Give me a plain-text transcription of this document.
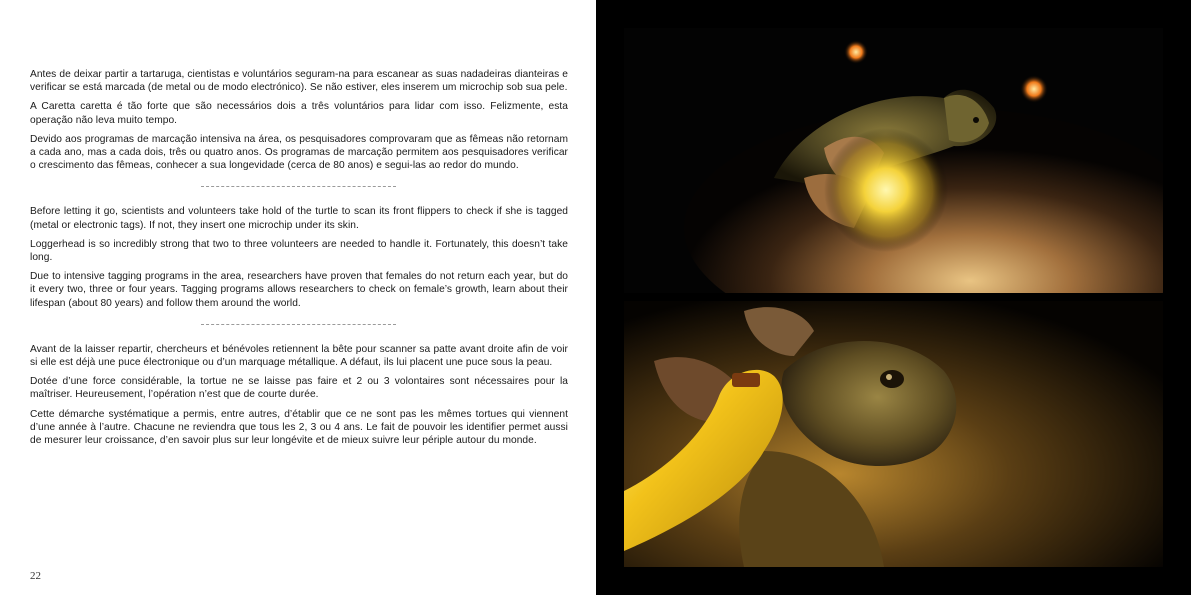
Antes de deixar partir a tartaruga, cientistas e voluntários seguram-na para escanear as suas nadadeiras dianteiras e verificar se está marcada (de metal ou de modo electrónico). Se não estiver, eles inserem um microchip sob sua pele.

A Caretta caretta é tão forte que são necessários dois a três voluntários para lidar com isso. Felizmente, esta operação não leva muito tempo.

Devido aos programas de marcação intensiva na área, os pesquisadores comprovaram que as fêmeas não retornam a cada ano, mas a cada dois, três ou quatro anos. Os programas de marcação permitem aos pesquisadores verificar o crescimento das fêmeas, conhecer a sua longevidade (cerca de 80 anos) e segui-las ao redor do mundo.

Before letting it go, scientists and volunteers take hold of the turtle to scan its front flippers to check if she is tagged (metal or electronic tags). If not, they insert one microchip under its skin.

Loggerhead is so incredibly strong that two to three volunteers are needed to handle it. Fortunately, this doesn’t take long.

Due to intensive tagging programs in the area, researchers have proven that females do not return each year, but do it every two, three or four years. Tagging programs allows researchers to check on female’s growth, learn about their lifespan (about 80 years) and follow them around the world.

Avant de la laisser repartir, chercheurs et bénévoles retiennent la bête pour scanner sa patte avant droite afin de voir si elle est déjà une puce électronique ou d’un marquage métallique. A défaut, ils lui placent une puce sous la peau.

Dotée d’une force considérable, la tortue ne se laisse pas faire et 2 ou 3 volontaires sont nécessaires pour la maîtriser. Heureusement, l’opération n’est que de courte durée.

Cette démarche systématique a permis, entre autres, d’établir que ce ne sont pas les mêmes tortues qui viennent d’une année à l’autre. Chacune ne reviendra que tous les 2, 3 ou 4 ans. Le fait de pouvoir les identifier permet aussi de mesurer leur croissance, d’en savoir plus sur leur longévite et de mieux suivre leur périple autour du monde.

22
